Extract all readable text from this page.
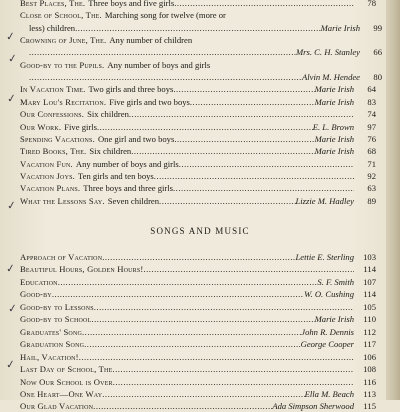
Best Places, The. Three boys and five girls .....	78
Close of School, The. Marching song for twelve (more or
less) children .....	Marie Irish	99
Crowning of June, The. Any number of children
.....
Mrs. C. H. Stanley	66
Good-by to the Pupils. Any number of boys and girls
.....
Alvin M. Hendee	80
In Vacation Time. Two girls and three boys .....	Marie Irish	64
Mary Lou's Recitation. Five girls and two boys .....	Marie Irish	83
Our Confessions. Six children .....	74
Our Work. Five girls .....	E. L. Brown	97
Spending Vacations. One girl and two boys .....	Marie Irish	76
Tired Books, The. Six children .....	Marie Irish	68
Vacation Fun. Any number of boys and girls .....	71
Vacation Joys. Ten girls and ten boys .....	92
Vacation Plans. Three boys and three girls .....	63
What the Lessons Say. Seven children .....	Lizzie M. Hadley	89
SONGS AND MUSIC
Approach of Vacation .....	Lettie E. Sterling	103
Beautiful Hours, Golden Hours! .....	114
Education .....	S. F. Smith	107
Good-by .....	W. O. Cushing	114
Good-by to Lessons .....	105
Good-by to School .....	Marie Irish	110
Graduates' Song .....	John R. Dennis	112
Graduation Song .....	George Cooper	117
Hail, Vacation! .....	106
Last Day of School, The .....	108
Now Our School is Over .....	116
One Heart—One Way .....	Ella M. Beach	113
Our Glad Vacation .....	Ada Simpson Sherwood	115
✓
✓
✓
✓
✓
✓
✓
